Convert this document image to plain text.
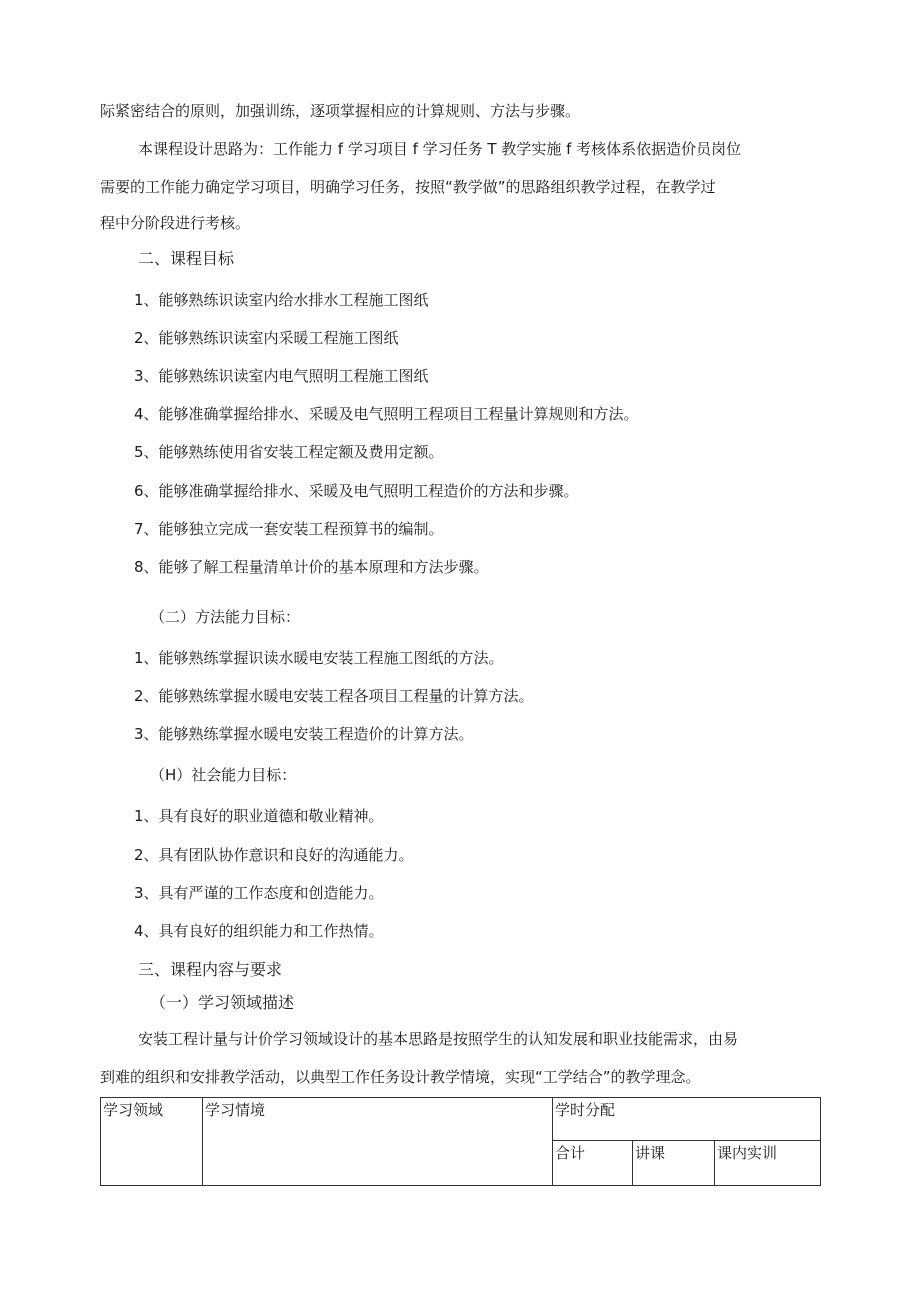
际紧密结合的原则，加强训练，逐项掌握相应的计算规则、方法与步骤。
本课程设计思路为：工作能力 f 学习项目 f 学习任务 T 教学实施 f 考核体系依据造价员岗位
需要的工作能力确定学习项目，明确学习任务，按照“教学做”的思路组织教学过程，在教学过
程中分阶段进行考核。
二、课程目标
1、能够熟练识读室内给水排水工程施工图纸
2、能够熟练识读室内采暖工程施工图纸
3、能够熟练识读室内电气照明工程施工图纸
4、能够准确掌握给排水、采暖及电气照明工程项目工程量计算规则和方法。
5、能够熟练使用省安装工程定额及费用定额。
6、能够准确掌握给排水、采暖及电气照明工程造价的方法和步骤。
7、能够独立完成一套安装工程预算书的编制。
8、能够了解工程量清单计价的基本原理和方法步骤。
（二）方法能力目标：
1、能够熟练掌握识读水暖电安装工程施工图纸的方法。
2、能够熟练掌握水暖电安装工程各项目工程量的计算方法。
3、能够熟练掌握水暖电安装工程造价的计算方法。
（H）社会能力目标：
1、具有良好的职业道德和敬业精神。
2、具有团队协作意识和良好的沟通能力。
3、具有严谨的工作态度和创造能力。
4、具有良好的组织能力和工作热情。
三、课程内容与要求
（一）学习领域描述
安装工程计量与计价学习领域设计的基本思路是按照学生的认知发展和职业技能需求，由易
到难的组织和安排教学活动，以典型工作任务设计教学情境，实现“工学结合”的教学理念。
学习领域	学习情境	学时分配		
		合计	讲课	课内实训
